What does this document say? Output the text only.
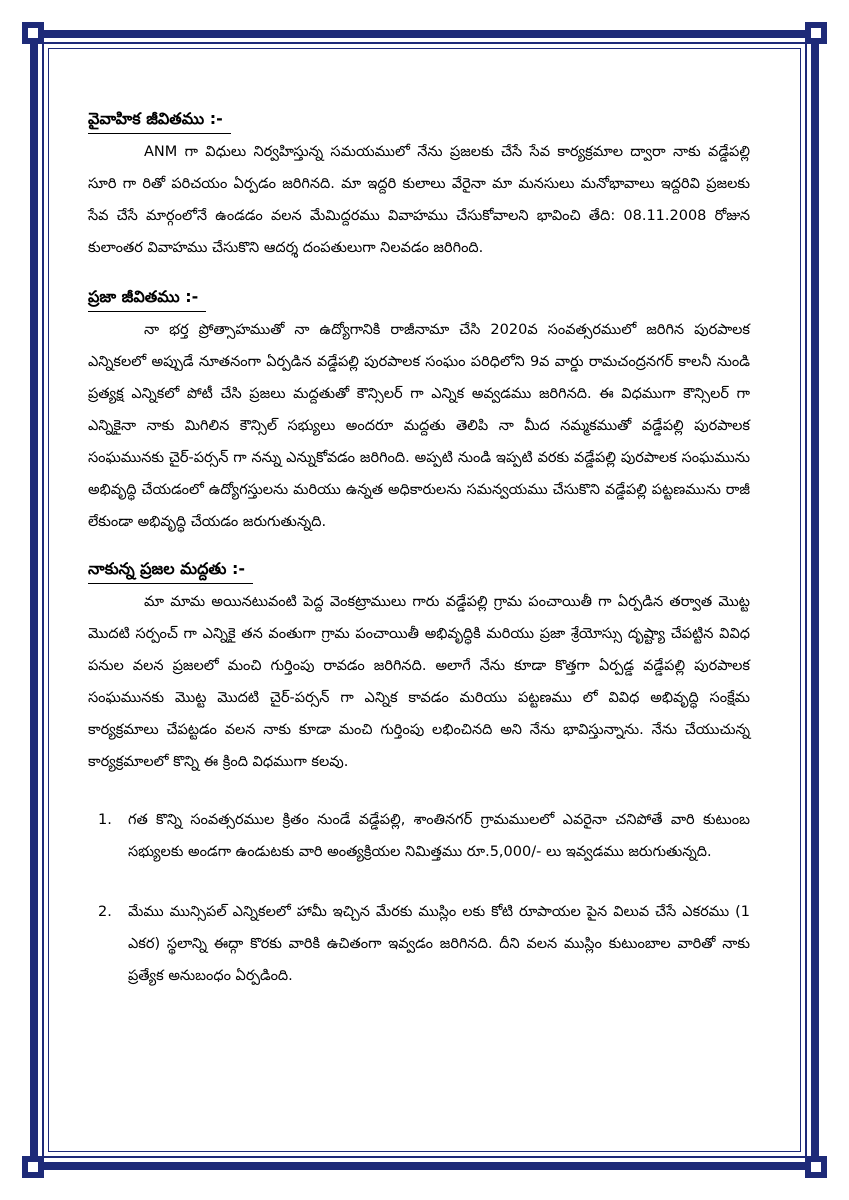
వైవాహిక జీవితము :-

ANM గా విధులు నిర్వహిస్తున్న సమయములో నేను ప్రజలకు చేసే సేవ కార్యక్రమాల ద్వారా నాకు వడ్డేపల్లి సూరి గా రితో పరిచయం ఏర్పడం జరిగినది. మా ఇద్దరి కులాలు వేరైనా మా మనసులు మనోభావాలు ఇద్దరివి ప్రజలకు సేవ చేసే మార్గంలోనే ఉండడం వలన మేమిద్దరము వివాహము చేసుకోవాలని భావించి తేది: 08.11.2008 రోజున కులాంతర వివాహము చేసుకొని ఆదర్శ దంపతులుగా నిలవడం జరిగింది.

ప్రజా జీవితము :-

నా భర్త ప్రోత్సాహముతో నా ఉద్యోగానికి రాజీనామా చేసి 2020వ సంవత్సరములో జరిగిన పురపాలక ఎన్నికలలో అప్పుడే నూతనంగా ఏర్పడిన వడ్డేపల్లి పురపాలక సంఘం పరిధిలోని 9వ వార్డు రామచంద్రనగర్ కాలనీ నుండి ప్రత్యక్ష ఎన్నికలో పోటీ చేసి ప్రజలు మద్దతుతో కౌన్సిలర్ గా ఎన్నిక అవ్వడము జరిగినది. ఈ విధముగా కౌన్సిలర్ గా ఎన్నికైనా నాకు మిగిలిన కౌన్సిల్ సభ్యులు అందరూ మద్దతు తెలిపి నా మీద నమ్మకముతో వడ్డేపల్లి పురపాలక సంఘమునకు చైర్-పర్సన్ గా నన్ను ఎన్నుకోవడం జరిగింది. అప్పటి నుండి ఇప్పటి వరకు వడ్డేపల్లి పురపాలక సంఘమును అభివృద్ధి చేయడంలో ఉద్యోగస్తులను మరియు ఉన్నత అధికారులను సమన్వయము చేసుకొని వడ్డేపల్లి పట్టణమును రాజీ లేకుండా అభివృద్ధి చేయడం జరుగుతున్నది.

నాకున్న ప్రజల మద్దతు :-

మా మామ అయినటువంటి పెద్ద వెంకట్రాములు గారు వడ్డేపల్లి గ్రామ పంచాయితీ గా ఏర్పడిన తర్వాత మొట్ట మొదటి సర్పంచ్ గా ఎన్నికై తన వంతుగా గ్రామ పంచాయితీ అభివృద్ధికి మరియు ప్రజా శ్రేయోస్సు దృష్ట్యా చేపట్టిన వివిధ పనుల వలన ప్రజలలో మంచి గుర్తింపు రావడం జరిగినది. అలాగే నేను కూడా కొత్తగా ఏర్పడ్డ వడ్డేపల్లి పురపాలక సంఘమునకు మొట్ట మొదటి చైర్-పర్సన్ గా ఎన్నిక కావడం మరియు పట్టణము లో వివిధ అభివృద్ధి సంక్షేమ కార్యక్రమాలు చేపట్టడం వలన నాకు కూడా మంచి గుర్తింపు లభించినది అని నేను భావిస్తున్నాను. నేను చేయుచున్న కార్యక్రమాలలో కొన్ని ఈ క్రింది విధముగా కలవు.

1. గత కొన్ని సంవత్సరముల క్రితం నుండే వడ్డేపల్లి, శాంతినగర్ గ్రామములలో ఎవరైనా చనిపోతే వారి కుటుంబ సభ్యులకు అండగా ఉండుటకు వారి అంత్యక్రియల నిమిత్తము రూ.5,000/- లు ఇవ్వడము జరుగుతున్నది.
2. మేము మున్సిపల్ ఎన్నికలలో హామీ ఇచ్చిన మేరకు ముస్లిం లకు కోటి రూపాయల పైన విలువ చేసే ఎకరము (1 ఎకర) స్థలాన్ని ఈద్గా కొరకు వారికి ఉచితంగా ఇవ్వడం జరిగినది. దీని వలన ముస్లిం కుటుంబాల వారితో నాకు ప్రత్యేక అనుబంధం ఏర్పడింది.
